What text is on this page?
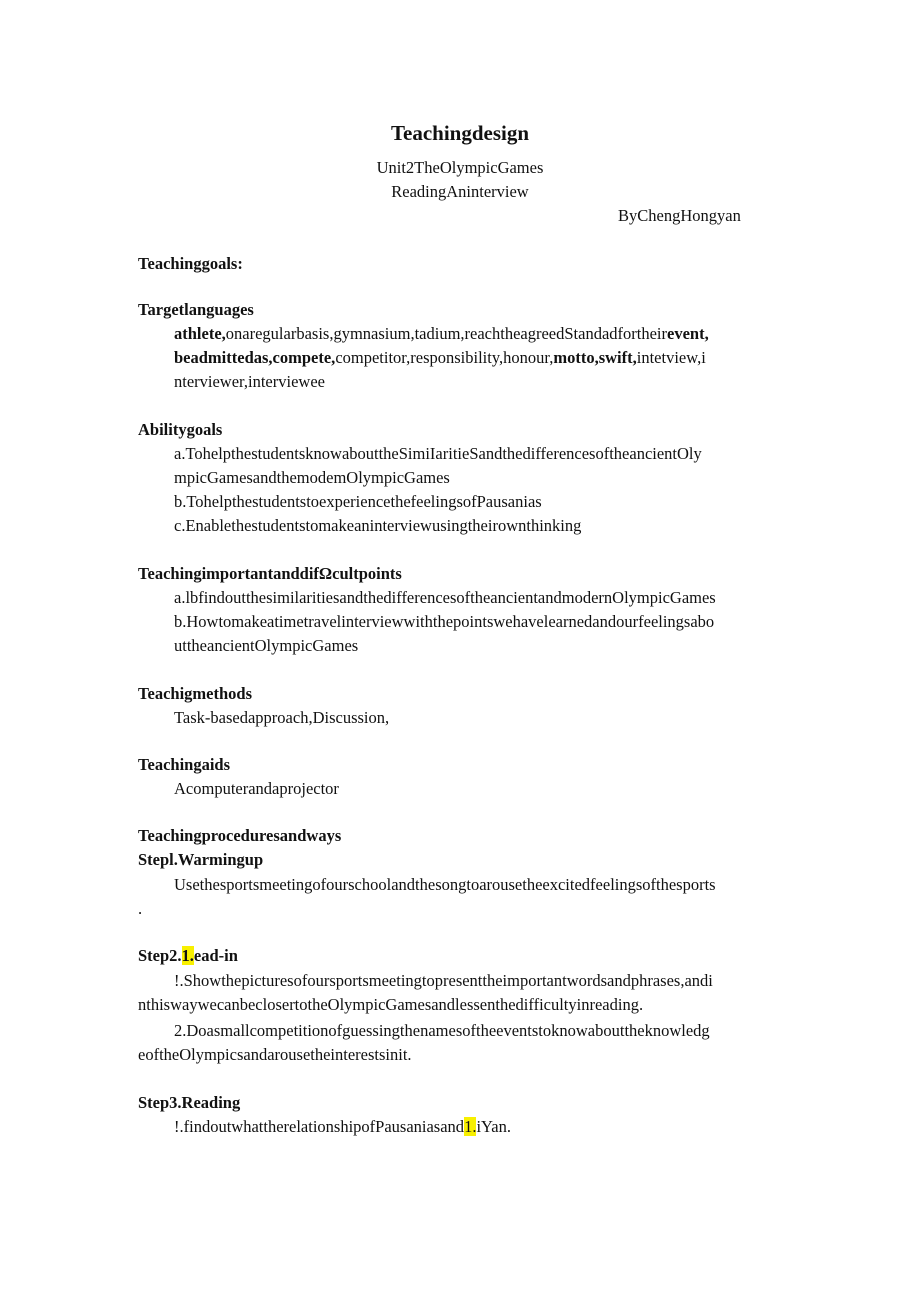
Teachingdesign
Unit2TheOlympicGames
ReadingAninterview
ByChengHongyan
Teachinggoals:
Targetlanguages
athlete,onaregularbasis,gymnasium,tadium,reachtheagreedStandadfortheirevent,
beadmittedas,compete,competitor,responsibility,honour,motto,swift,intetview,i
nterviewer,interviewee
Abilitygoals
a.TohelpthestudentsknowabouttheSimiIaritieSandthedifferencesoftheancientOly
mpicGamesandthemodemOlympicGames
b.TohelpthestudentstoexperiencethefeelingsofPausanias
c.Enablethestudentstomakeaninterviewusingtheirownthinking
TeachingimportantanddifΩcultpoints
a.lbfindoutthesimilaritiesandthedifferencesoftheancientandmodernOlympicGames
b.Howtomakeatimetravelinterviewwiththepointswehavelearnedandourfeelingsabo
uttheancientOlympicGames
Teachigmethods
Task-basedapproach,Discussion,
Teachingaids
Acomputerandaprojector
Teachingproceduresandways
Stepl.Warmingup
Usethesportsmeetingofourschoolandthesongtoarousetheexcitedfeelingsofthesports
.
Step2.1.ead-in
!.Showthepicturesofoursportsmeetingtopresenttheimportantwordsandphrases,andi
nthiswaywecanbeclosertotheOlympicGamesandlessenthedifficultyinreading.
2.Doasmallcompetitionofguessingthenamesoftheeventstoknowabouttheknowledg
eoftheOlympicsandarousetheinterestsinit.
Step3.Reading
!.findoutwhattherelationshipofPausaniasand1.iYan.
